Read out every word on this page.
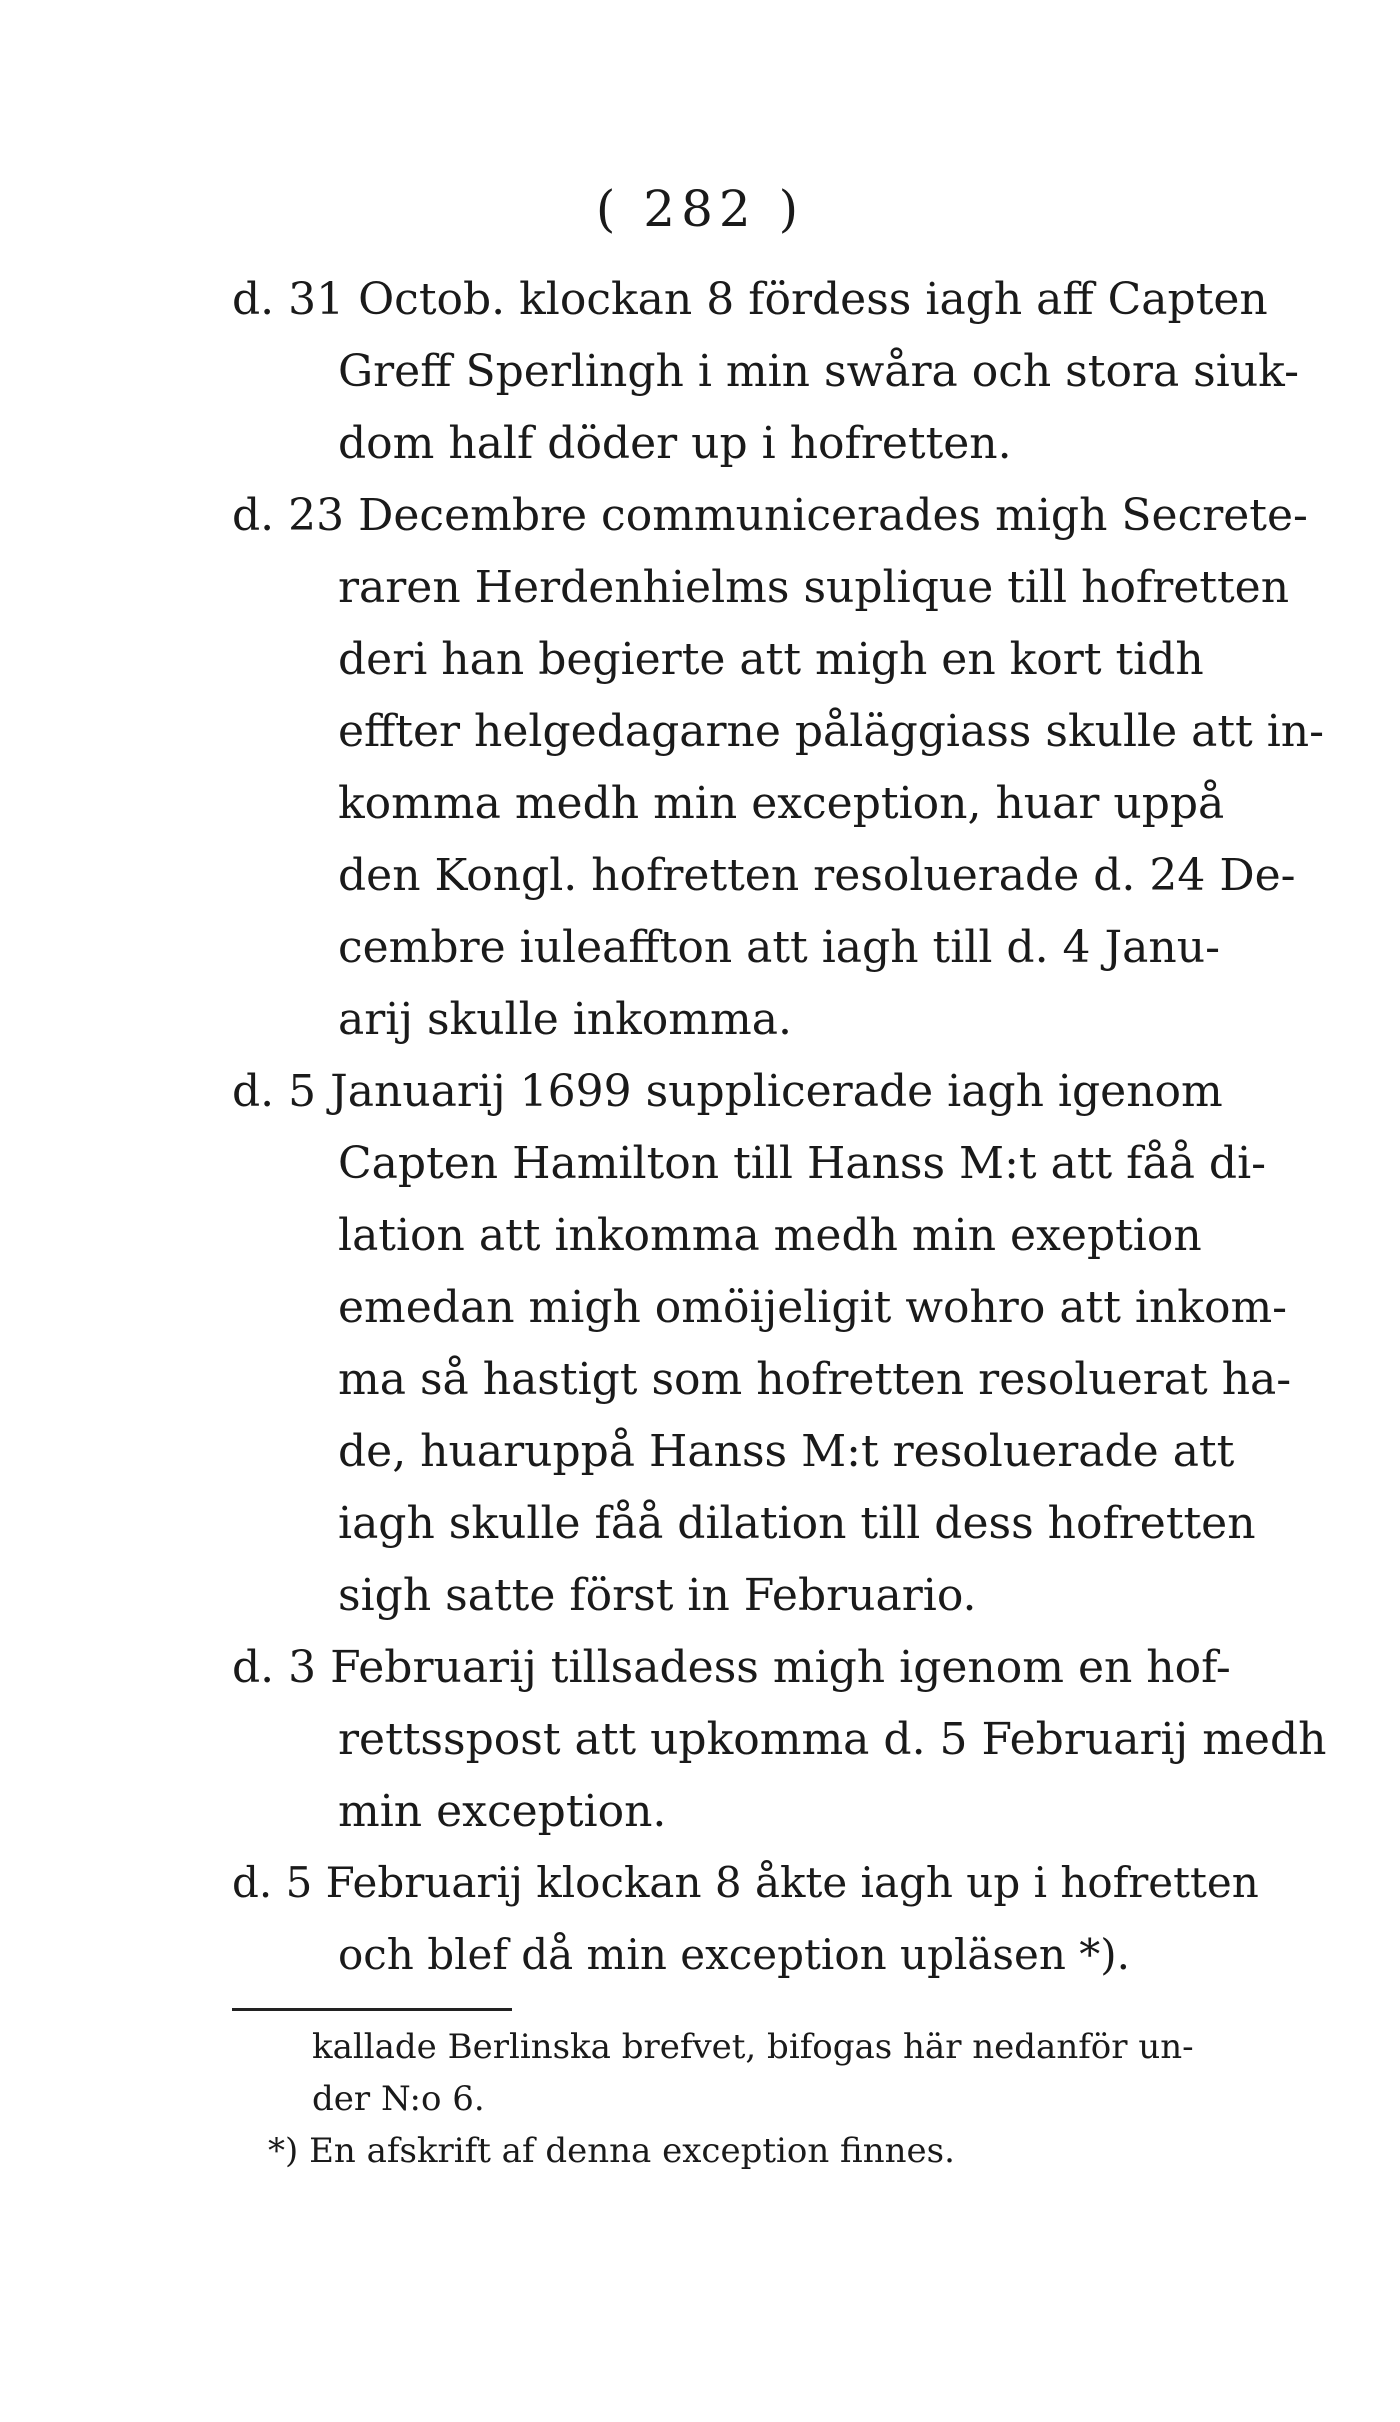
( 282 )
d. 31 Octob. klockan 8 fördess iagh aff Capten
Greff Sperlingh i min swåra och stora siuk-
dom half döder up i hofretten.
d. 23 Decembre communicerades migh Secrete-
raren Herdenhielms suplique till hofretten
deri han begierte att migh en kort tidh
effter helgedagarne påläggiass skulle att in-
komma medh min exception, huar uppå
den Kongl. hofretten resoluerade d. 24 De-
cembre iuleaffton att iagh till d. 4 Janu-
arij skulle inkomma.
d. 5 Januarij 1699 supplicerade iagh igenom
Capten Hamilton till Hanss M:t att fåå di-
lation att inkomma medh min exeption
emedan migh omöijeligit wohro att inkom-
ma så hastigt som hofretten resoluerat ha-
de, huaruppå Hanss M:t resoluerade att
iagh skulle fåå dilation till dess hofretten
sigh satte först in Februario.
d. 3 Februarij tillsadess migh igenom en hof-
rettsspost att upkomma d. 5 Februarij medh
min exception.
d. 5 Februarij klockan 8 åkte iagh up i hofretten
och blef då min exception upläsen *).
kallade Berlinska brefvet, bifogas här nedanför un-
der N:o 6.
*) En afskrift af denna exception finnes.
